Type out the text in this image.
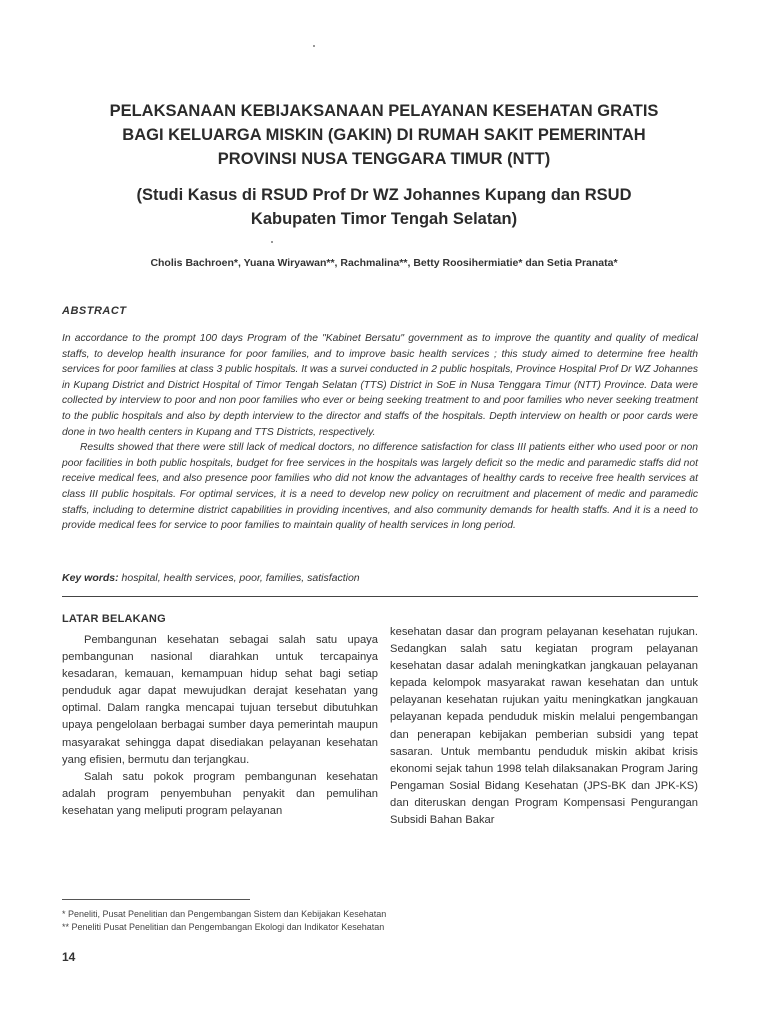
PELAKSANAAN KEBIJAKSANAAN PELAYANAN KESEHATAN GRATIS
BAGI KELUARGA MISKIN (GAKIN) DI RUMAH SAKIT PEMERINTAH
PROVINSI NUSA TENGGARA TIMUR (NTT)
(Studi Kasus di RSUD Prof Dr WZ Johannes Kupang dan RSUD
Kabupaten Timor Tengah Selatan)
Cholis Bachroen*, Yuana Wiryawan**, Rachmalina**, Betty Roosihermiatie* dan Setia Pranata*
ABSTRACT

In accordance to the prompt 100 days Program of the "Kabinet Bersatu" government as to improve the quantity and quality of medical staffs, to develop health insurance for poor families, and to improve basic health services ; this study aimed to determine free health services for poor families at class 3 public hospitals. It was a survei conducted in 2 public hospitals, Province Hospital Prof Dr WZ Johannes in Kupang District and District Hospital of Timor Tengah Selatan (TTS) District in SoE in Nusa Tenggara Timur (NTT) Province. Data were collected by interview to poor and non poor families who ever or being seeking treatment to and poor families who never seeking treatment to the public hospitals and also by depth interview to the director and staffs of the hospitals. Depth interview on health or poor cards were done in two health centers in Kupang and TTS Districts, respectively.

Results showed that there were still lack of medical doctors, no difference satisfaction for class III patients either who used poor or non poor facilities in both public hospitals, budget for free services in the hospitals was largely deficit so the medic and paramedic staffs did not receive medical fees, and also presence poor families who did not know the advantages of healthy cards to receive free health services at class III public hospitals. For optimal services, it is a need to develop new policy on recruitment and placement of medic and paramedic staffs, including to determine district capabilities in providing incentives, and also community demands for health staffs. And it is a need to provide medical fees for service to poor families to maintain quality of health services in long period.

Key words: hospital, health services, poor, families, satisfaction
LATAR BELAKANG

Pembangunan kesehatan sebagai salah satu upaya pembangunan nasional diarahkan untuk tercapainya kesadaran, kemauan, kemampuan hidup sehat bagi setiap penduduk agar dapat mewujudkan derajat kesehatan yang optimal. Dalam rangka mencapai tujuan tersebut dibutuhkan upaya pengelolaan berbagai sumber daya pemerintah maupun masyarakat sehingga dapat disediakan pelayanan kesehatan yang efisien, bermutu dan terjangkau.

Salah satu pokok program pembangunan kesehatan adalah program penyembuhan penyakit dan pemulihan kesehatan yang meliputi program pelayanan

kesehatan dasar dan program pelayanan kesehatan rujukan. Sedangkan salah satu kegiatan program pelayanan kesehatan dasar adalah meningkatkan jangkauan pelayanan kepada kelompok masyarakat rawan kesehatan dan untuk pelayanan kesehatan rujukan yaitu meningkatkan jangkauan pelayanan kepada penduduk miskin melalui pengembangan dan penerapan kebijakan pemberian subsidi yang tepat sasaran. Untuk membantu penduduk miskin akibat krisis ekonomi sejak tahun 1998 telah dilaksanakan Program Jaring Pengaman Sosial Bidang Kesehatan (JPS-BK dan JPK-KS) dan diteruskan dengan Program Kompensasi Pengurangan Subsidi Bahan Bakar

* Peneliti, Pusat Penelitian dan Pengembangan Sistem dan Kebijakan Kesehatan
** Peneliti Pusat Penelitian dan Pengembangan Ekologi dan Indikator Kesehatan
14
